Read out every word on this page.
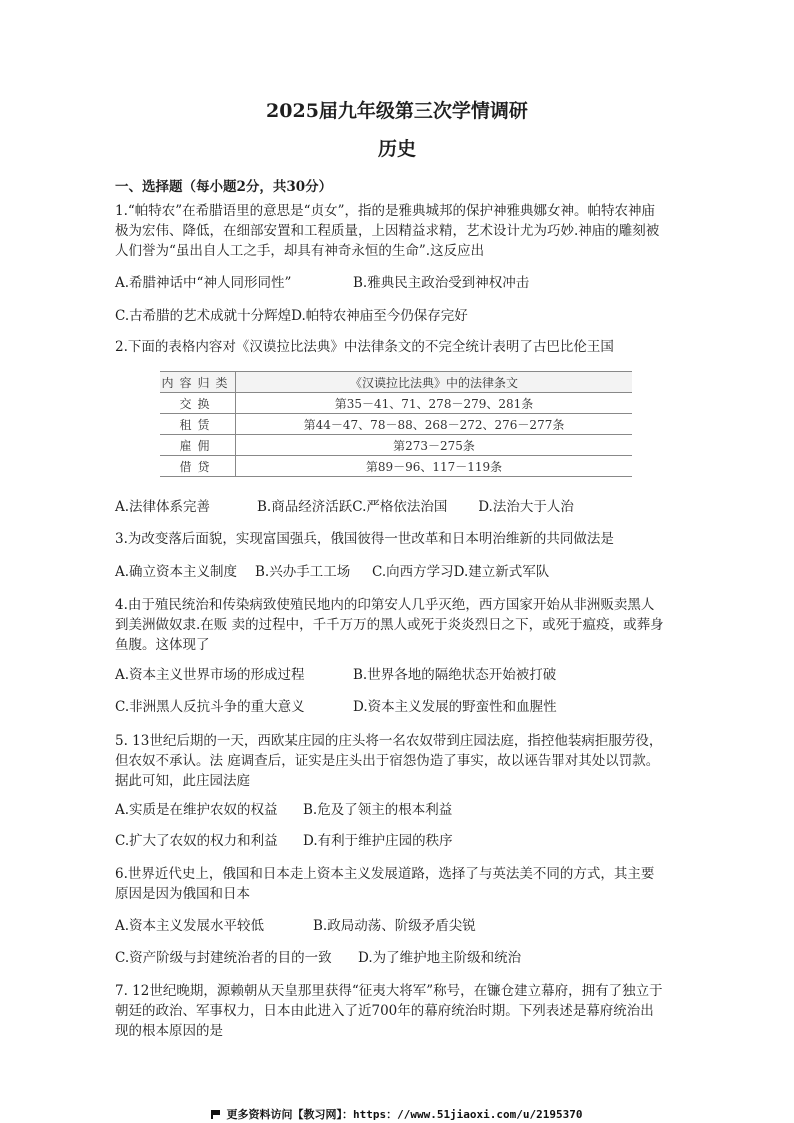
2025届九年级第三次学情调研
历史
一、选择题（每小题2分，共30分）

1.“帕特农”在希腊语里的意思是“贞女”，指的是雅典城邦的保护神雅典娜女神。帕特农神庙极为宏伟、降低，在细部安置和工程质量，上因精益求精，艺术设计尤为巧妙.神庙的雕刻被人们誉为“虽出自人工之手，却具有神奇永恒的生命”.这反应出

A.希腊神话中“神人同形同性”	B.雅典民主政治受到神权冲击
C.古希腊的艺术成就十分辉煌D.帕特农神庙至今仍保存完好

2.下面的表格内容对《汉谟拉比法典》中法律条文的不完全统计表明了古巴比伦王国

内容归类	《汉谟拉比法典》中的法律条文
交换	第35－41、71、278－279、281条
租赁	第44－47、78－88、268－272、276－277条
雇佣	第273－275条
借贷	第89－96、117－119条
A.法律体系完善	B.商品经济活跃C.严格依法治国 D.法治大于人治

3.为改变落后面貌，实现富国强兵，俄国彼得一世改革和日本明治维新的共同做法是

A.确立资本主义制度 B.兴办手工工场 C.向西方学习D.建立新式军队

4.由于殖民统治和传染病致使殖民地内的印第安人几乎灭绝，西方国家开始从非洲贩卖黑人到美洲做奴隶.在贩 卖的过程中，千千万万的黑人或死于炎炎烈日之下，或死于瘟疫，或葬身鱼腹。这体现了

A.资本主义世界市场的形成过程	B.世界各地的隔绝状态开始被打破
C.非洲黑人反抗斗争的重大意义	D.资本主义发展的野蛮性和血腥性

5. 13世纪后期的一天，西欧某庄园的庄头将一名农奴带到庄园法庭，指控他装病拒服劳役，但农奴不承认。法 庭调查后，证实是庄头出于宿怨伪造了事实，故以诬告罪对其处以罚款。据此可知，此庄园法庭

A.实质是在维护农奴的权益 B.危及了领主的根本利益
C.扩大了农奴的权力和利益 D.有利于维护庄园的秩序

6.世界近代史上，俄国和日本走上资本主义发展道路，选择了与英法美不同的方式，其主要原因是因为俄国和日本

A.资本主义发展水平较低	B.政局动荡、阶级矛盾尖锐
C.资产阶级与封建统治者的目的一致 D.为了维护地主阶级和统治

7. 12世纪晚期，源赖朝从天皇那里获得“征夷大将军”称号，在镰仓建立幕府，拥有了独立于朝廷的政治、军事权力，日本由此进入了近700年的幕府统治时期。下列表述是幕府统治出现的根本原因的是

更多资料访问【教习网】：https：//www.51jiaoxi.com/u/2195370
